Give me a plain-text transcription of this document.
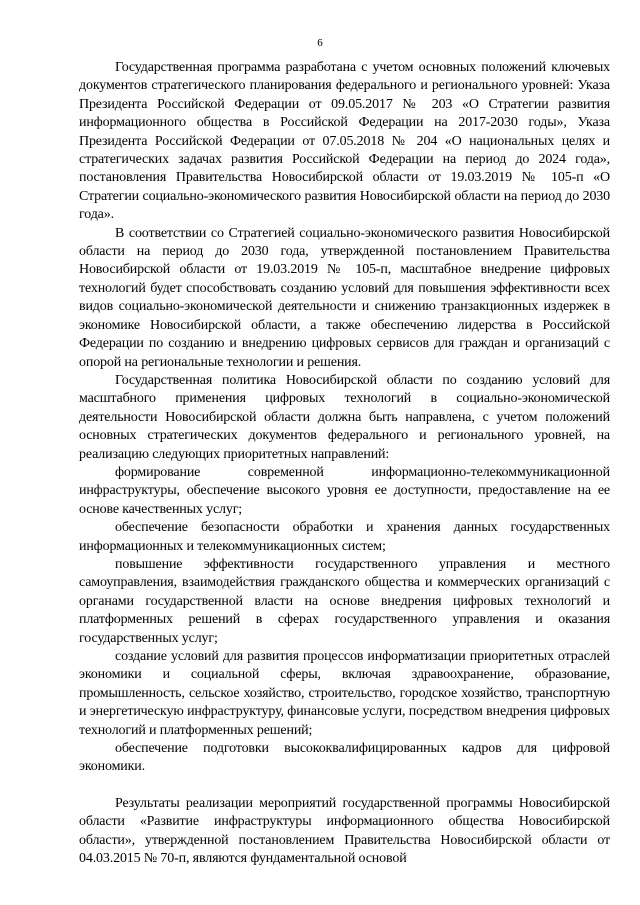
6

Государственная программа разработана с учетом основных положений ключевых документов стратегического планирования федерального и регионального уровней: Указа Президента Российской Федерации от 09.05.2017 № 203 «О Стратегии развития информационного общества в Российской Федерации на 2017-2030 годы», Указа Президента Российской Федерации от 07.05.2018 № 204 «О национальных целях и стратегических задачах развития Российской Федерации на период до 2024 года», постановления Правительства Новосибирской области от 19.03.2019 № 105-п «О Стратегии социально-экономического развития Новосибирской области на период до 2030 года».

В соответствии со Стратегией социально-экономического развития Новосибирской области на период до 2030 года, утвержденной постановлением Правительства Новосибирской области от 19.03.2019 № 105-п, масштабное внедрение цифровых технологий будет способствовать созданию условий для повышения эффективности всех видов социально-экономической деятельности и снижению транзакционных издержек в экономике Новосибирской области, а также обеспечению лидерства в Российской Федерации по созданию и внедрению цифровых сервисов для граждан и организаций с опорой на региональные технологии и решения.

Государственная политика Новосибирской области по созданию условий для масштабного применения цифровых технологий в социально-экономической деятельности Новосибирской области должна быть направлена, с учетом положений основных стратегических документов федерального и регионального уровней, на реализацию следующих приоритетных направлений:

формирование современной информационно-телекоммуникационной инфраструктуры, обеспечение высокого уровня ее доступности, предоставление на ее основе качественных услуг;

обеспечение безопасности обработки и хранения данных государственных информационных и телекоммуникационных систем;

повышение эффективности государственного управления и местного самоуправления, взаимодействия гражданского общества и коммерческих организаций с органами государственной власти на основе внедрения цифровых технологий и платформенных решений в сферах государственного управления и оказания государственных услуг;

создание условий для развития процессов информатизации приоритетных отраслей экономики и социальной сферы, включая здравоохранение, образование, промышленность, сельское хозяйство, строительство, городское хозяйство, транспортную и энергетическую инфраструктуру, финансовые услуги, посредством внедрения цифровых технологий и платформенных решений;

обеспечение подготовки высококвалифицированных кадров для цифровой экономики.

Результаты реализации мероприятий государственной программы Новосибирской области «Развитие инфраструктуры информационного общества Новосибирской области», утвержденной постановлением Правительства Новосибирской области от 04.03.2015 № 70-п, являются фундаментальной основой
